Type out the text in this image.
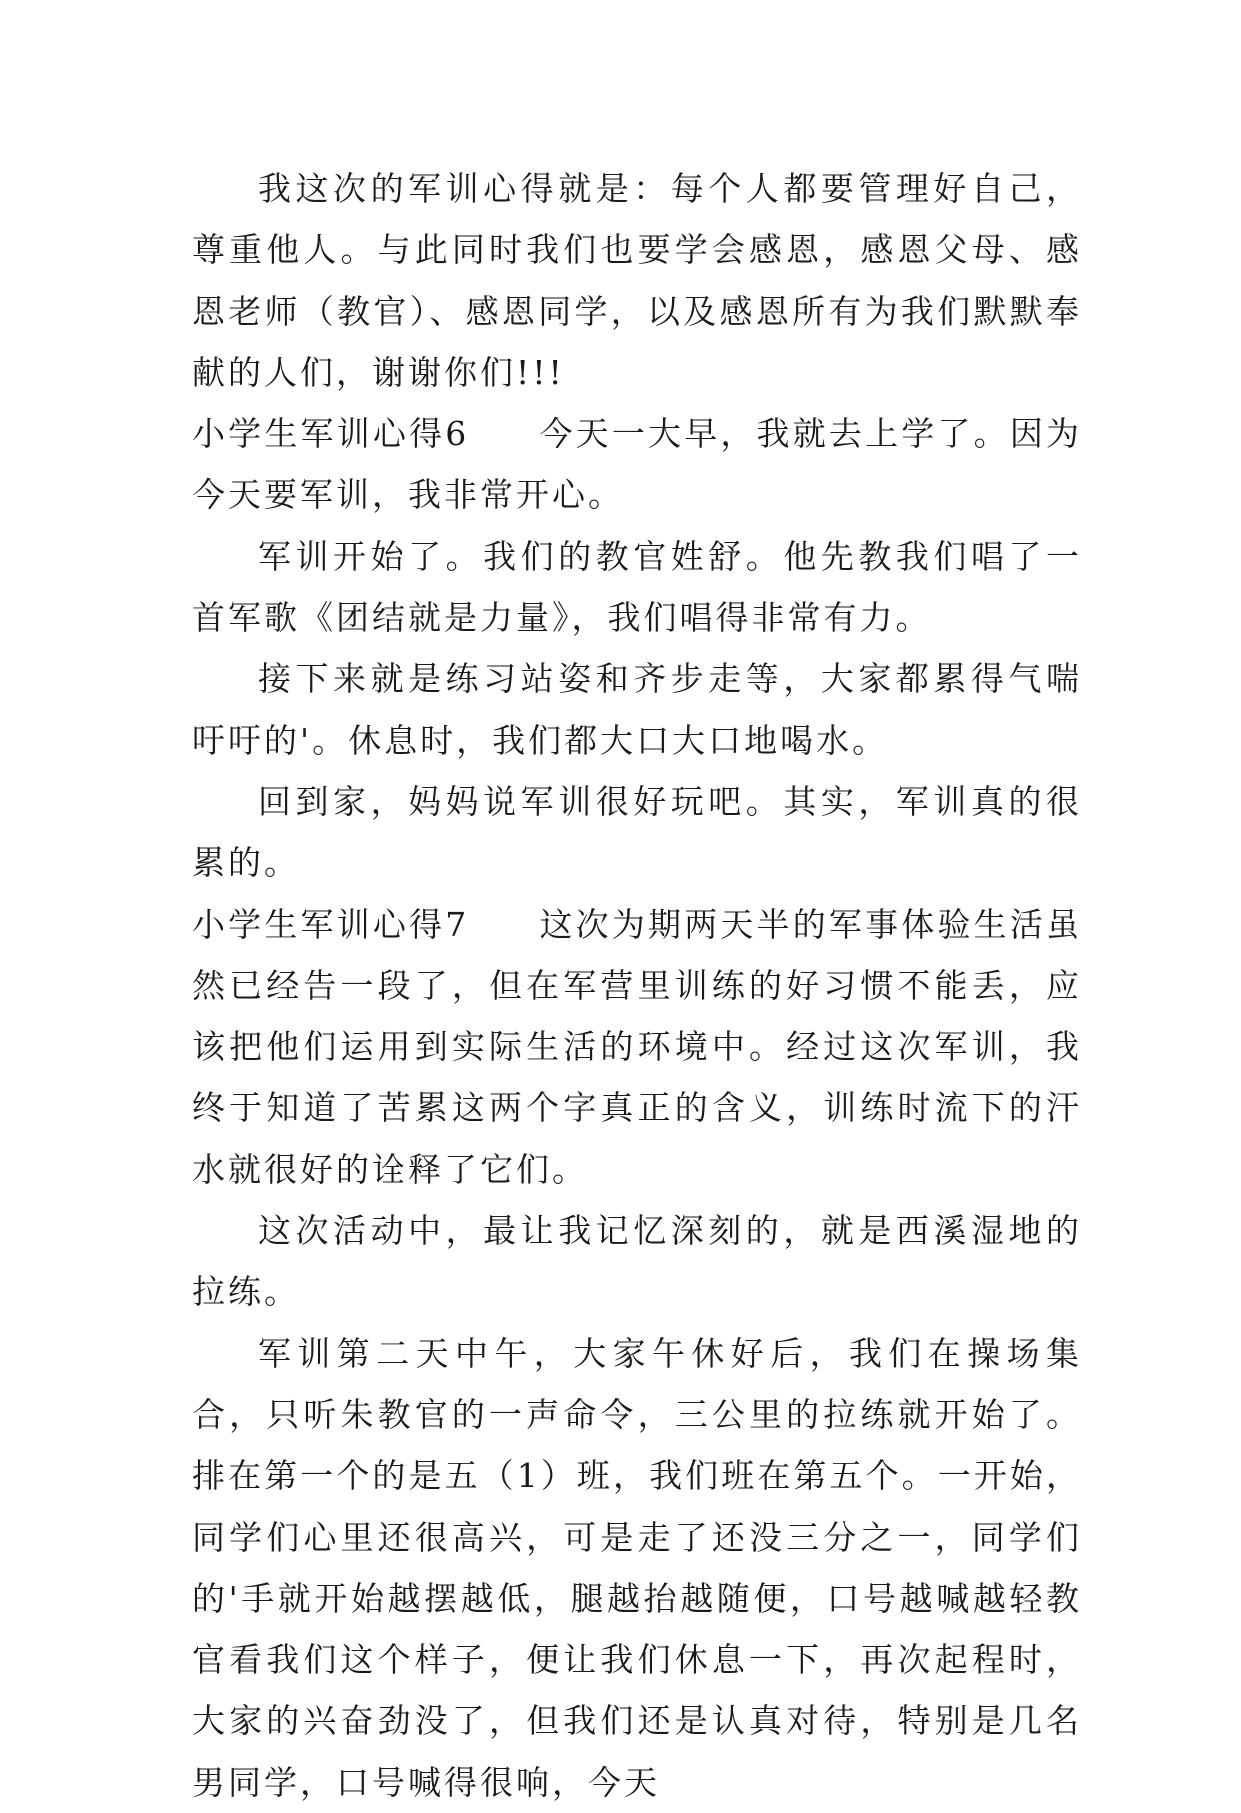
我这次的军训心得就是：每个人都要管理好自己，尊重他人。与此同时我们也要学会感恩，感恩父母、感恩老师（教官）、感恩同学，以及感恩所有为我们默默奉献的人们，谢谢你们!!!

小学生军训心得6 今天一大早，我就去上学了。因为今天要军训，我非常开心。

军训开始了。我们的教官姓舒。他先教我们唱了一首军歌《团结就是力量》，我们唱得非常有力。

接下来就是练习站姿和齐步走等，大家都累得气喘吁吁的'。休息时，我们都大口大口地喝水。

回到家，妈妈说军训很好玩吧。其实，军训真的很累的。

小学生军训心得7 这次为期两天半的军事体验生活虽然已经告一段了，但在军营里训练的好习惯不能丢，应该把他们运用到实际生活的环境中。经过这次军训，我终于知道了苦累这两个字真正的含义，训练时流下的汗水就很好的诠释了它们。

这次活动中，最让我记忆深刻的，就是西溪湿地的拉练。

军训第二天中午，大家午休好后，我们在操场集合，只听朱教官的一声命令，三公里的拉练就开始了。排在第一个的是五（1）班，我们班在第五个。一开始，同学们心里还很高兴，可是走了还没三分之一，同学们的'手就开始越摆越低，腿越抬越随便，口号越喊越轻教官看我们这个样子，便让我们休息一下，再次起程时，大家的兴奋劲没了，但我们还是认真对待，特别是几名男同学，口号喊得很响，今天
